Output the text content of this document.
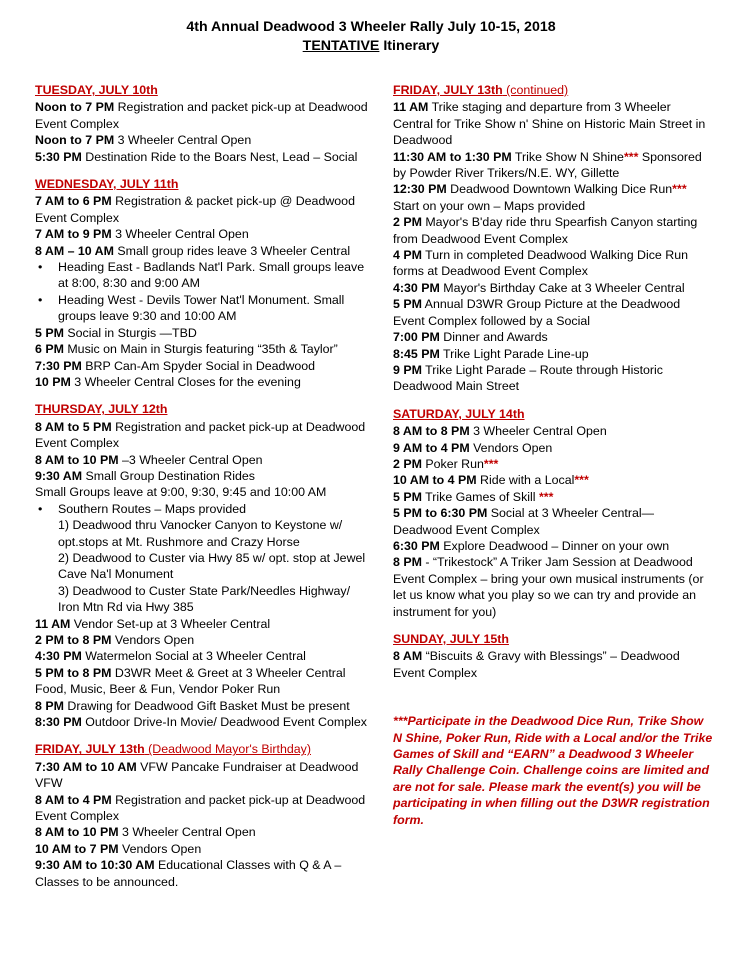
4th Annual Deadwood 3 Wheeler Rally July 10-15, 2018
TENTATIVE Itinerary
TUESDAY, JULY 10th
Noon to 7 PM Registration and packet pick-up at Deadwood Event Complex
Noon to 7 PM 3 Wheeler Central Open
5:30 PM Destination Ride to the Boars Nest, Lead – Social
WEDNESDAY, JULY 11th
7 AM to 6 PM Registration & packet pick-up @ Deadwood Event Complex
7 AM to 9 PM 3 Wheeler Central Open
8 AM – 10 AM Small group rides leave 3 Wheeler Central
• Heading East - Badlands Nat'l Park. Small groups leave at 8:00, 8:30 and 9:00 AM
• Heading West - Devils Tower Nat'l Monument. Small groups leave 9:30 and 10:00 AM
5 PM Social in Sturgis —TBD
6 PM Music on Main in Sturgis featuring “35th & Taylor”
7:30 PM BRP Can-Am Spyder Social in Deadwood
10 PM 3 Wheeler Central Closes for the evening
THURSDAY, JULY 12th
8 AM to 5 PM Registration and packet pick-up at Deadwood Event Complex
8 AM to 10 PM –3 Wheeler Central Open
9:30 AM Small Group Destination Rides
Small Groups leave at 9:00, 9:30, 9:45 and 10:00 AM
• Southern Routes – Maps provided
1) Deadwood thru Vanocker Canyon to Keystone w/ opt.stops at Mt. Rushmore and Crazy Horse
2) Deadwood to Custer via Hwy 85 w/ opt. stop at Jewel Cave Na'l Monument
3) Deadwood to Custer State Park/Needles Highway/ Iron Mtn Rd via Hwy 385
11 AM Vendor Set-up at 3 Wheeler Central
2 PM to 8 PM Vendors Open
4:30 PM Watermelon Social at 3 Wheeler Central
5 PM to 8 PM D3WR Meet & Greet at 3 Wheeler Central
Food, Music, Beer & Fun, Vendor Poker Run
8 PM Drawing for Deadwood Gift Basket Must be present
8:30 PM Outdoor Drive-In Movie/ Deadwood Event Complex
FRIDAY, JULY 13th (Deadwood Mayor's Birthday)
7:30 AM to 10 AM VFW Pancake Fundraiser at Deadwood VFW
8 AM to 4 PM Registration and packet pick-up at Deadwood Event Complex
8 AM to 10 PM 3 Wheeler Central Open
10 AM to 7 PM Vendors Open
9:30 AM to 10:30 AM Educational Classes with Q & A – Classes to be announced.
FRIDAY, JULY 13th (continued)
11 AM Trike staging and departure from 3 Wheeler Central for Trike Show n' Shine on Historic Main Street in Deadwood
11:30 AM to 1:30 PM Trike Show N Shine*** Sponsored by Powder River Trikers/N.E. WY, Gillette
12:30 PM Deadwood Downtown Walking Dice Run*** Start on your own – Maps provided
2 PM Mayor's B'day ride thru Spearfish Canyon starting from Deadwood Event Complex
4 PM Turn in completed Deadwood Walking Dice Run forms at Deadwood Event Complex
4:30 PM Mayor's Birthday Cake at 3 Wheeler Central
5 PM Annual D3WR Group Picture at the Deadwood Event Complex followed by a Social
7:00 PM Dinner and Awards
8:45 PM Trike Light Parade Line-up
9 PM Trike Light Parade – Route through Historic Deadwood Main Street
SATURDAY, JULY 14th
8 AM to 8 PM 3 Wheeler Central Open
9 AM to 4 PM Vendors Open
2 PM Poker Run***
10 AM to 4 PM Ride with a Local***
5 PM Trike Games of Skill ***
5 PM to 6:30 PM Social at 3 Wheeler Central—Deadwood Event Complex
6:30 PM Explore Deadwood – Dinner on your own
8 PM - “Trikestock” A Triker Jam Session at Deadwood Event Complex – bring your own musical instruments (or let us know what you play so we can try and provide an instrument for you)
SUNDAY, JULY 15th
8 AM “Biscuits & Gravy with Blessings” – Deadwood Event Complex
***Participate in the Deadwood Dice Run, Trike Show N Shine, Poker Run, Ride with a Local and/or the Trike Games of Skill and “EARN” a Deadwood 3 Wheeler Rally Challenge Coin. Challenge coins are limited and are not for sale. Please mark the event(s) you will be participating in when filling out the D3WR registration form.
